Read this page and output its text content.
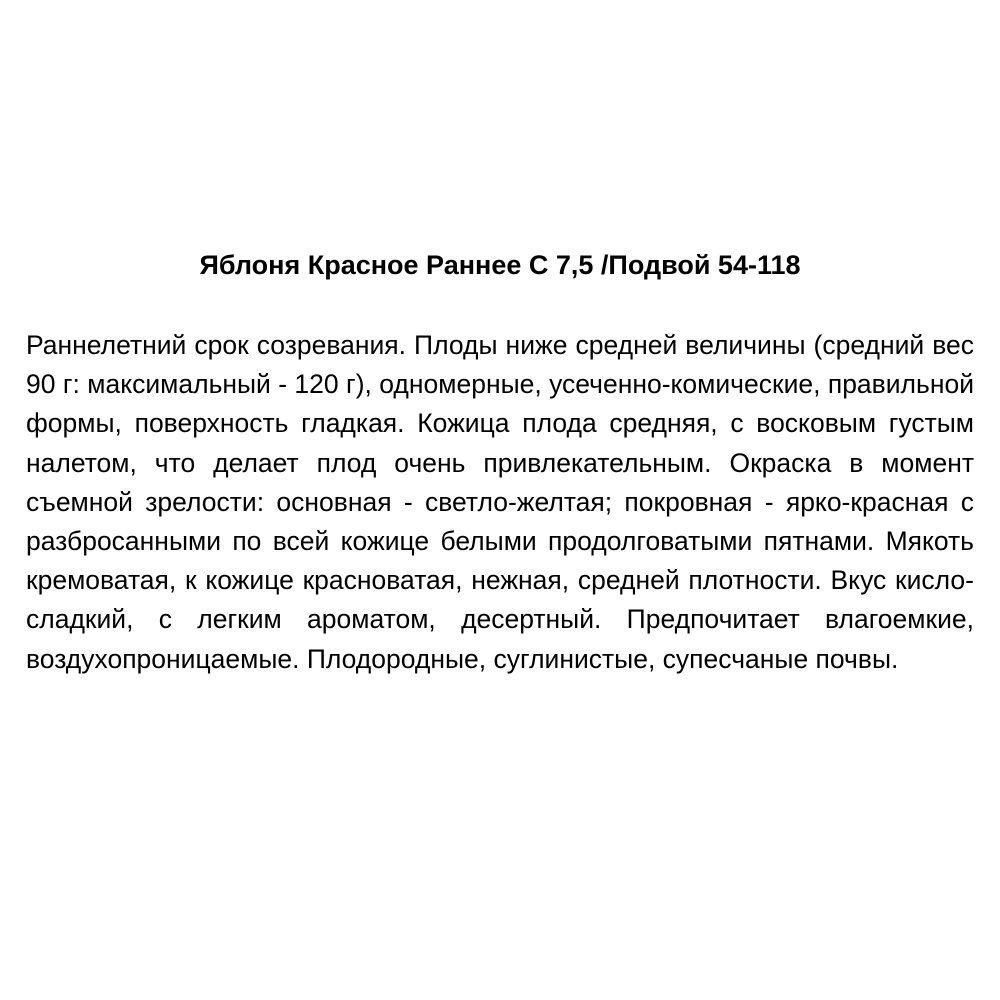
Яблоня Красное Раннее С 7,5 /Подвой 54-118

Раннелетний срок созревания. Плоды ниже средней величины (средний вес 90 г: максимальный - 120 г), одномерные, усеченно-комические, правильной формы, поверхность гладкая. Кожица плода средняя, с восковым густым налетом, что делает плод очень привлекательным. Окраска в момент съемной зрелости: основная - светло-желтая; покровная - ярко-красная с разбросанными по всей кожице белыми продолговатыми пятнами. Мякоть кремоватая, к кожице красноватая, нежная, средней плотности. Вкус кисло-сладкий, с легким ароматом, десертный. Предпочитает влагоемкие, воздухопроницаемые. Плодородные, суглинистые, супесчаные почвы.
